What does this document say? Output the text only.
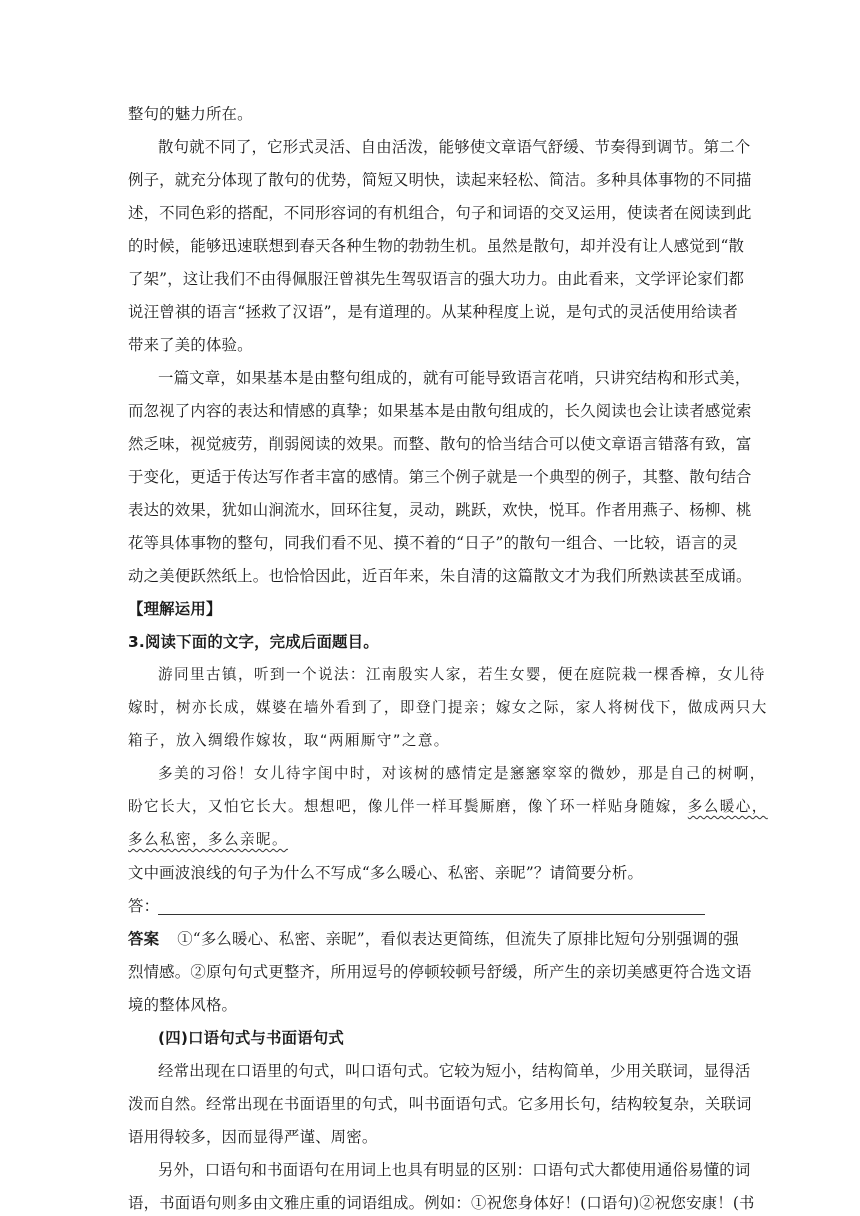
整句的魅力所在。
散句就不同了，它形式灵活、自由活泼，能够使文章语气舒缓、节奏得到调节。第二个
例子，就充分体现了散句的优势，简短又明快，读起来轻松、简洁。多种具体事物的不同描
述，不同色彩的搭配，不同形容词的有机组合，句子和词语的交叉运用，使读者在阅读到此
的时候，能够迅速联想到春天各种生物的勃勃生机。虽然是散句，却并没有让人感觉到“散
了架”，这让我们不由得佩服汪曾祺先生驾驭语言的强大功力。由此看来，文学评论家们都
说汪曾祺的语言“拯救了汉语”，是有道理的。从某种程度上说，是句式的灵活使用给读者
带来了美的体验。
一篇文章，如果基本是由整句组成的，就有可能导致语言花哨，只讲究结构和形式美，
而忽视了内容的表达和情感的真挚；如果基本是由散句组成的，长久阅读也会让读者感觉索
然乏味，视觉疲劳，削弱阅读的效果。而整、散句的恰当结合可以使文章语言错落有致，富
于变化，更适于传达写作者丰富的感情。第三个例子就是一个典型的例子，其整、散句结合
表达的效果，犹如山涧流水，回环往复，灵动，跳跃，欢快，悦耳。作者用燕子、杨柳、桃
花等具体事物的整句，同我们看不见、摸不着的“日子”的散句一组合、一比较，语言的灵
动之美便跃然纸上。也恰恰因此，近百年来，朱自清的这篇散文才为我们所熟读甚至成诵。
【理解运用】
3.阅读下面的文字，完成后面题目。
游同里古镇，听到一个说法：江南殷实人家，若生女婴，便在庭院栽一棵香樟，女儿待
嫁时，树亦长成，媒婆在墙外看到了，即登门提亲；嫁女之际，家人将树伐下，做成两只大
箱子，放入绸缎作嫁妆，取“两厢厮守”之意。
多美的习俗！女儿待字闺中时，对该树的感情定是窸窸窣窣的微妙，那是自己的树啊，
盼它长大，又怕它长大。想想吧，像儿伴一样耳鬓厮磨，像丫环一样贴身随嫁，多么暖心，
多么私密，多么亲昵。
文中画波浪线的句子为什么不写成“多么暖心、私密、亲昵”？请简要分析。
答：
答案 ①“多么暖心、私密、亲昵”，看似表达更简练，但流失了原排比短句分别强调的强
烈情感。②原句句式更整齐，所用逗号的停顿较顿号舒缓，所产生的亲切美感更符合选文语
境的整体风格。
(四)口语句式与书面语句式
经常出现在口语里的句式，叫口语句式。它较为短小，结构简单，少用关联词，显得活
泼而自然。经常出现在书面语里的句式，叫书面语句式。它多用长句，结构较复杂，关联词
语用得较多，因而显得严谨、周密。
另外，口语句和书面语句在用词上也具有明显的区别：口语句式大都使用通俗易懂的词
语，书面语句则多由文雅庄重的词语组成。例如：①祝您身体好！(口语句)②祝您安康！(书
